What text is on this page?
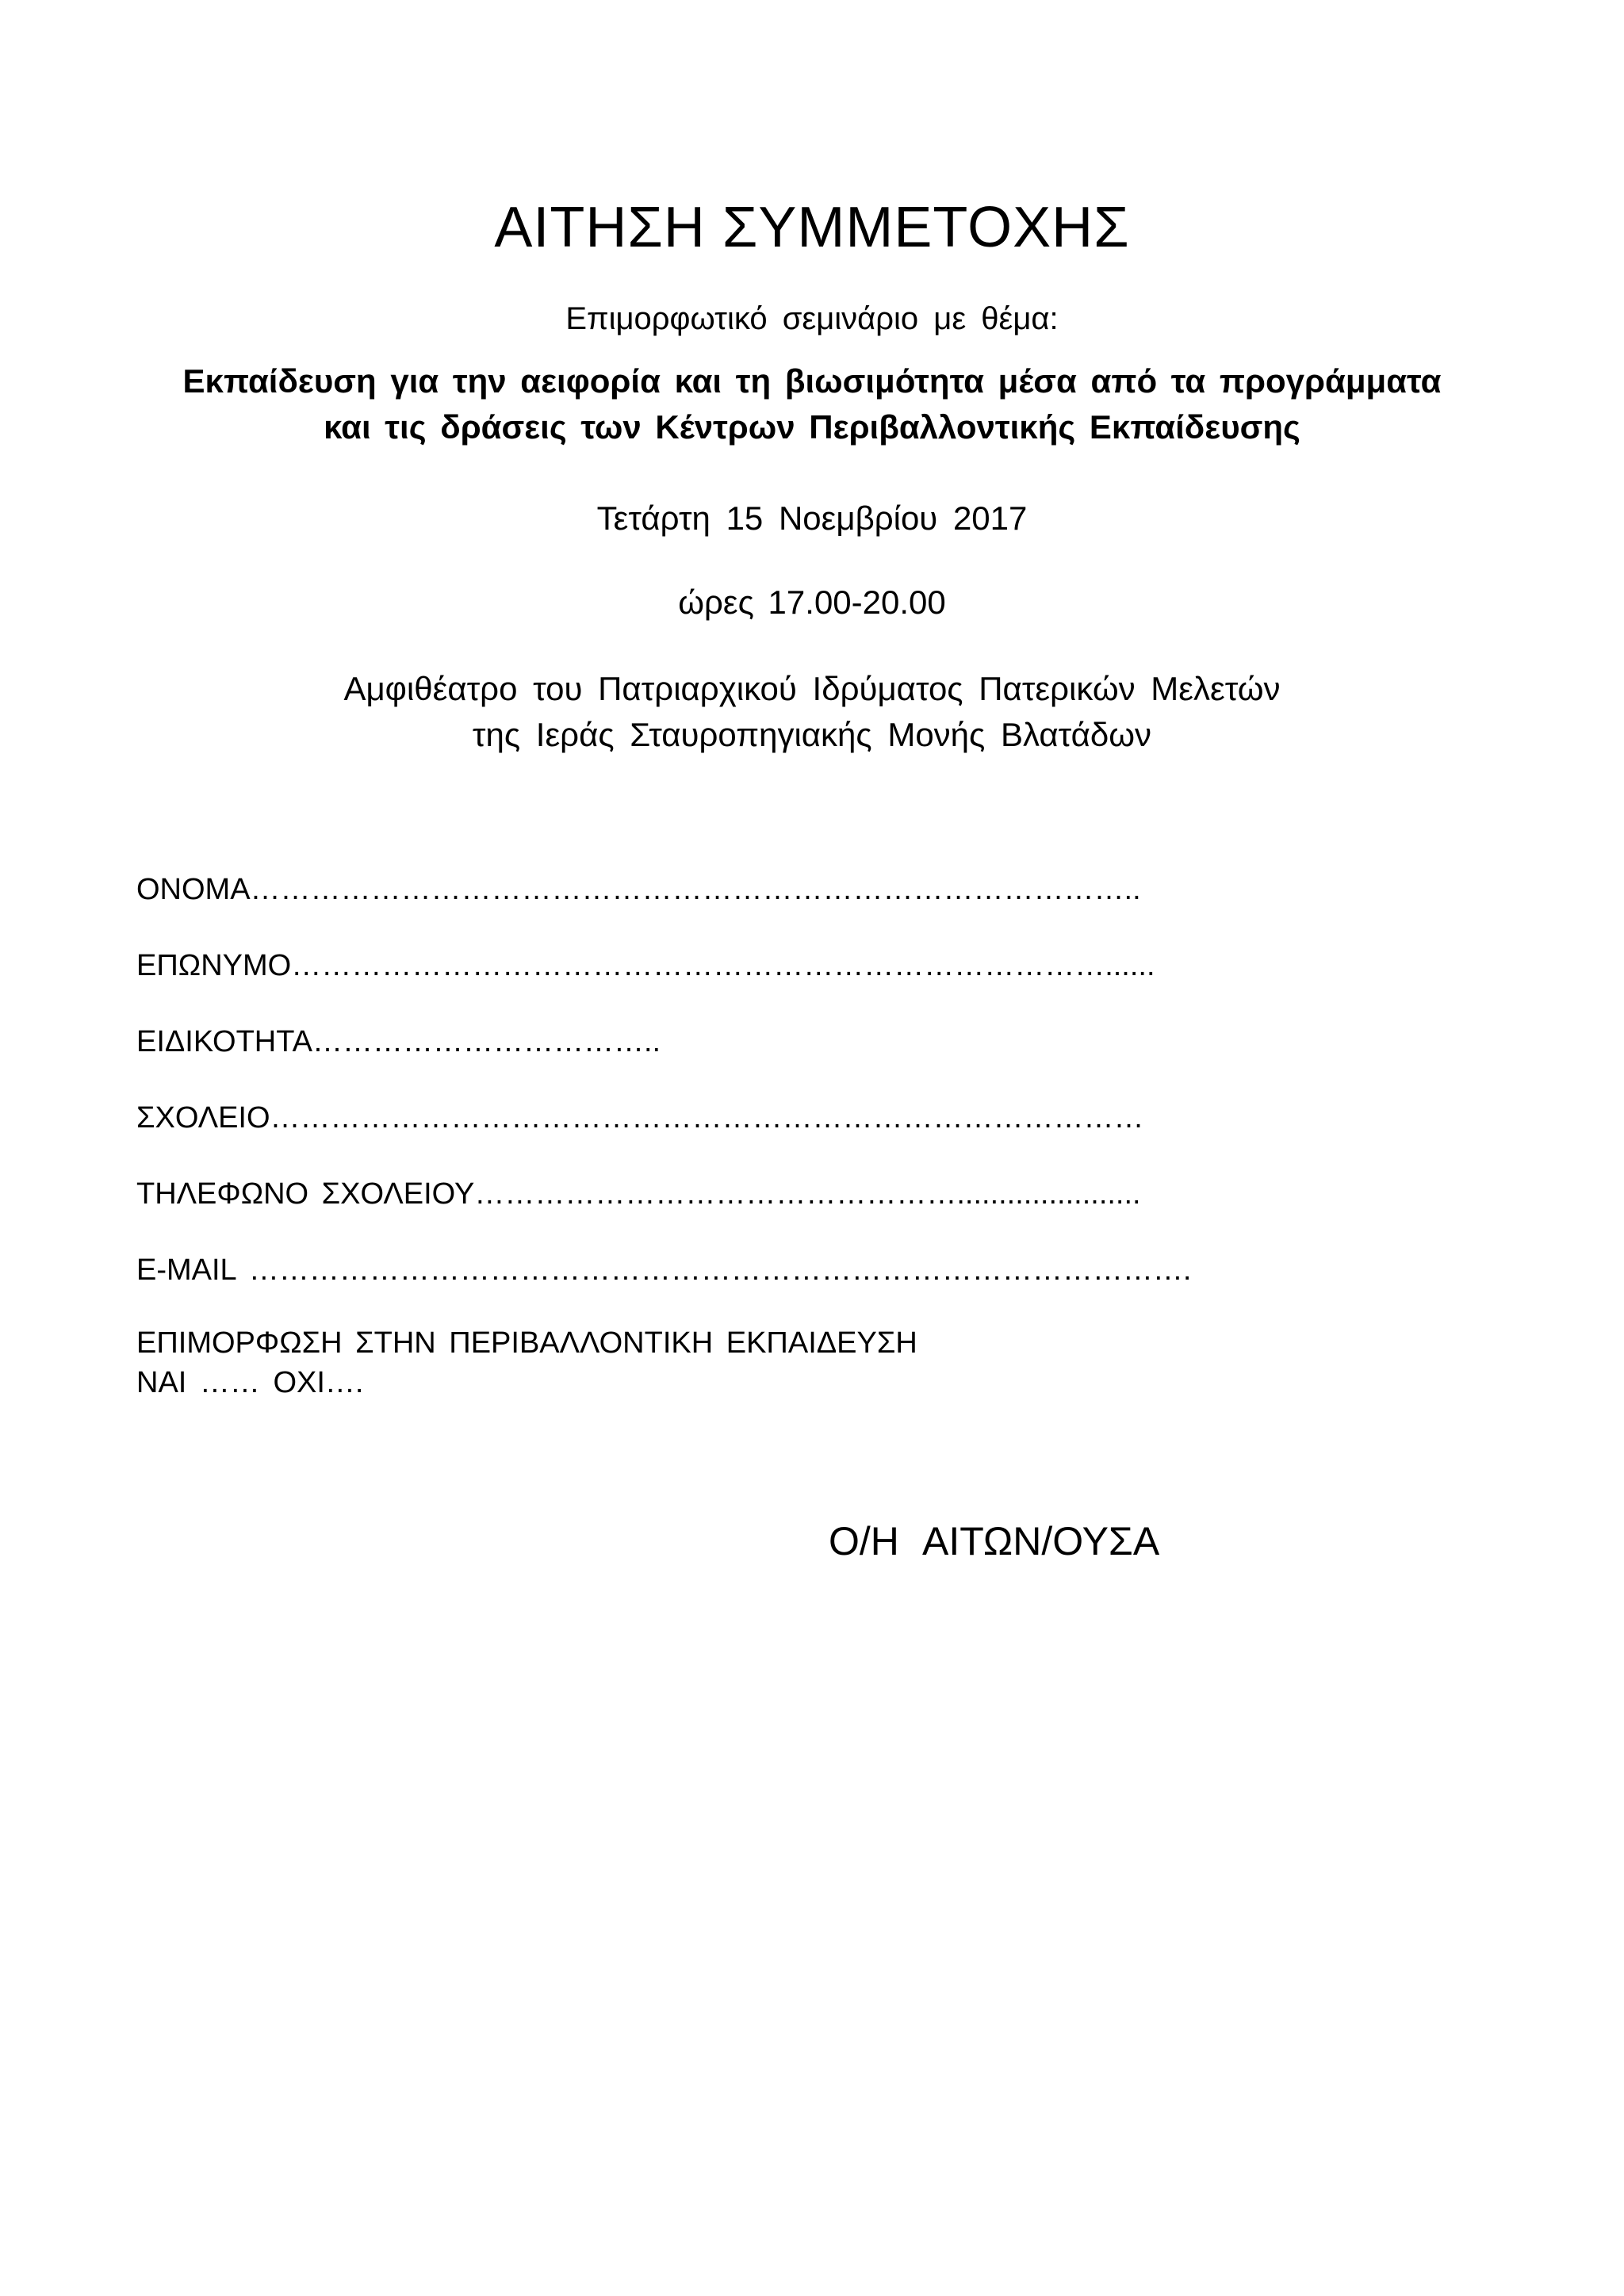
ΑΙΤΗΣΗ ΣΥΜΜΕΤΟΧΗΣ
Επιμορφωτικό σεμινάριο με θέμα:
Εκπαίδευση για την αειφορία και τη βιωσιμότητα μέσα από τα προγράμματα
και τις δράσεις των Κέντρων Περιβαλλοντικής Εκπαίδευσης
Τετάρτη 15 Νοεμβρίου 2017
ώρες 17.00-20.00
Αμφιθέατρο του Πατριαρχικού Ιδρύματος Πατερικών Μελετών
της Ιεράς Σταυροπηγιακής Μονής Βλατάδων
ΟΝΟΜΑ……………………………………………………………………………..
ΕΠΩΝΥΜΟ………………………………………………………………………......
ΕΙΔΙΚΟΤΗΤΑ……………………………..
ΣΧΟΛΕΙΟ……………………………………………………………………………
ΤΗΛΕΦΩΝΟ ΣΧΟΛΕΙΟΥ…………………………………………......................
E-MAIL ………………………………………………………………………………….
ΕΠΙΜΟΡΦΩΣΗ ΣΤΗΝ ΠΕΡΙΒΑΛΛΟΝΤΙΚΗ ΕΚΠΑΙΔΕΥΣΗ
ΝΑΙ …… ΟΧΙ….
Ο/Η ΑΙΤΩΝ/ΟΥΣΑ
